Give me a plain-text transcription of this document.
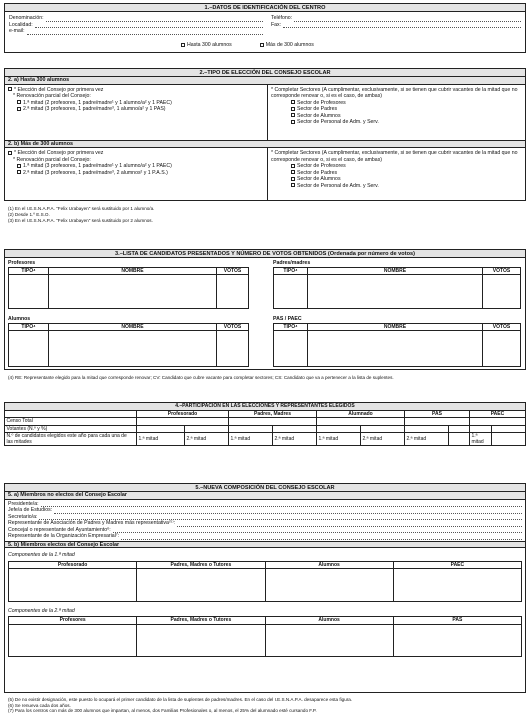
1.–DATOS DE IDENTIFICACIÓN DEL CENTRO
Denominación:
Localidad:
e-mail:
Teléfono:
Fax:
Hasta 300 alumnos	Más de 300 alumnos
2.–TIPO DE ELECCIÓN DEL CONSEJO ESCOLAR
2. a) Hasta 300 alumnos
* Elección del Consejo por primera vez
* Renovación parcial del Consejo:
1.ª mitad (2 profesores, 1 padre/madre¹ y 1 alumno/a² y 1 PAEC)
2.ª mitad (3 profesores, 1 padre/madre³, 1 alumno/a² y 1 PAS)
* Completar Sectores (A cumplimentar, exclusivamente, si se tienen que cubrir vacantes de la mitad que no corresponde renovar o, si es el caso, de ambas)
Sector de Profesores
Sector de Padres
Sector de Alumnos
Sector de Personal de Adm. y Serv.
2. b) Más de 300 alumnos
* Elección del Consejo por primera vez
* Renovación parcial del Consejo:
1.ª mitad (3 profesores, 1 padre/madre¹ y 1 alumno/a² y 1 PAEC)
2.ª mitad (3 profesores, 1 padre/madre³, 2 alumnos² y 1 P.A.S.)
* Completar Sectores (A cumplimentar, exclusivamente, si se tienen que cubrir vacantes de la mitad que no corresponde renovar o, si es el caso, de ambas)
Sector de Profesores
Sector de Padres
Sector de Alumnos
Sector de Personal de Adm. y Serv.
(1) En el I.E.S.N.A.P.A. "Felix Urabayen" será sustituido por 1 alumno/a.
(2) Desde 1.º E.S.O.
(3) En el I.E.S.N.A.P.A. "Felix Urabayen" será sustituido por 2 alumnos.
3.–LISTA DE CANDIDATOS PRESENTADOS Y NÚMERO DE VOTOS OBTENIDOS (Ordenada por número de votos)
Profesores
TIPO⁴	NOMBRE	VOTOS

Padres/madres
TIPO⁴	NOMBRE	VOTOS

Alumnos
TIPO⁴	NOMBRE	VOTOS

PAS / PAEC
TIPO⁴	NOMBRE	VOTOS

(4) RE: Representante elegido para la mitad que corresponde renovar; CV: Candidato que cubre vacante para completar sectores; CS: Candidato que va a pertenecer a la lista de suplentes.
4.–PARTICIPACIÓN EN LAS ELECCIONES Y REPRESENTANTES ELEGIDOS										
	Profesorado		Padres, Madres		Alumnado		PAS		PAEC	
Censo Total										
Votantes (N.º y %)										
N.º de candidatos elegidos este año para cada una de las mitades	1.ª mitad	2.ª mitad	1.ª mitad	2.ª mitad	1.ª mitad	2.ª mitad	2.ª mitad		1.ª mitad	
5.–NUEVA COMPOSICIÓN DEL CONSEJO ESCOLAR
5. a) Miembros no electos del Consejo Escolar
Presidente/a:
Jefe/a de Estudios:
Secretario/a:
Representante de Asociación de Padres y Madres más representativa⁽⁵⁾:
Concejal o representante del Ayuntamiento⁶:
Representante de la Organización Empresarial⁷:
5. b) Miembros electos del Consejo Escolar
Componentes de la 1.ª mitad
Profesorado	Padres, Madres o Tutores	Alumnos	PAEC

Componentes de la 2.ª mitad
Profesores	Padres, Madres o Tutores	Alumnos	PAS

(5) De no existir designación, este puesto lo ocupará el primer candidato de la lista de suplentes de padres/madres. En el caso del I.E.S.N.A.P.A. desaparece esta figura.
(6) Se renueva cada dos años.
(7) Para los centros con más de 300 alumnos que impartan, al menos, dos Familias Profesionales o, al menos, el 25% del alumnado esté cursando F.P.
